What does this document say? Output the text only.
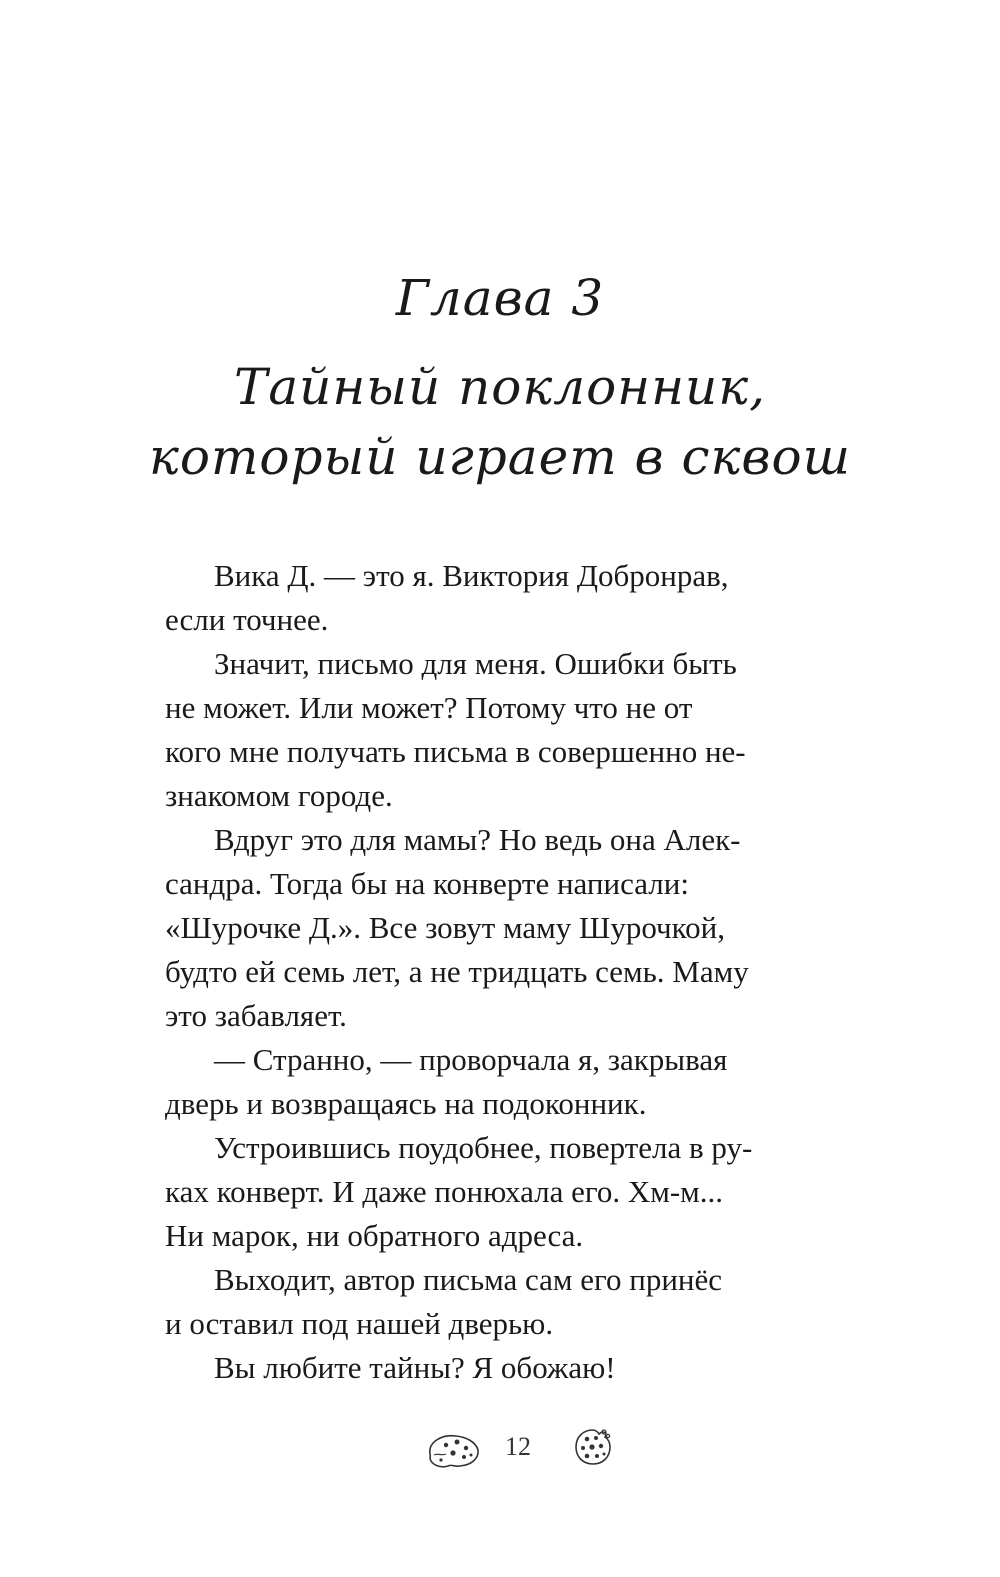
Глава 3
Тайный поклонник,
который играет в сквош

Вика Д. — это я. Виктория Добронрав,
если точнее.

Значит, письмо для меня. Ошибки быть
не может. Или может? Потому что не от
кого мне получать письма в совершенно не-
знакомом городе.

Вдруг это для мамы? Но ведь она Алек-
сандра. Тогда бы на конверте написали:
«Шурочке Д.». Все зовут маму Шурочкой,
будто ей семь лет, а не тридцать семь. Маму
это забавляет.

— Странно, — проворчала я, закрывая
дверь и возвращаясь на подоконник.

Устроившись поудобнее, повертела в ру-
ках конверт. И даже понюхала его. Хм-м...
Ни марок, ни обратного адреса.

Выходит, автор письма сам его принёс
и оставил под нашей дверью.

Вы любите тайны? Я обожаю!

12
